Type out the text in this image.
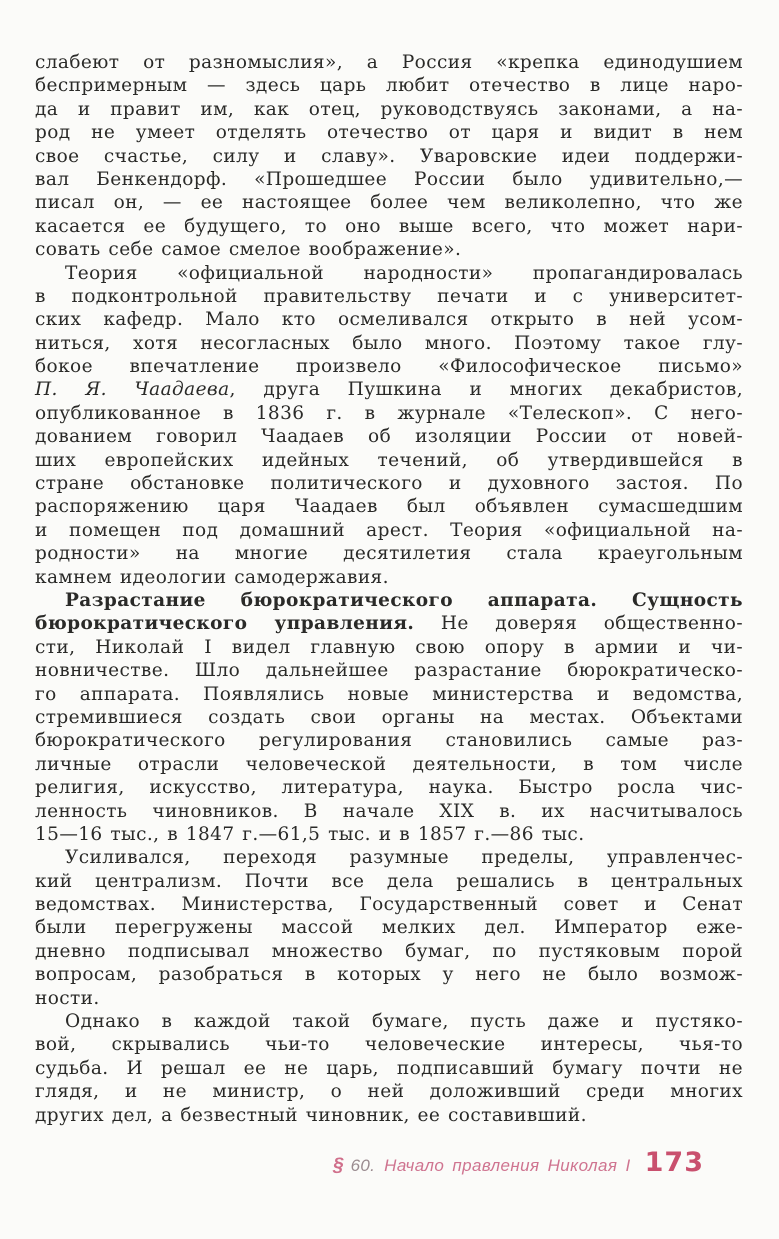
слабеют от разномыслия», а Россия «крепка единодушием
беспримерным — здесь царь любит отечество в лице наро-
да и правит им, как отец, руководствуясь законами, а на-
род не умеет отделять отечество от царя и видит в нем
свое счастье, силу и славу». Уваровские идеи поддержи-
вал Бенкендорф. «Прошедшее России было удивительно,—
писал он, — ее настоящее более чем великолепно, что же
касается ее будущего, то оно выше всего, что может нари-
совать себе самое смелое воображение».
Теория «официальной народности» пропагандировалась
в подконтрольной правительству печати и с университет-
ских кафедр. Мало кто осмеливался открыто в ней усом-
ниться, хотя несогласных было много. Поэтому такое глу-
бокое впечатление произвело «Философическое письмо»
П. Я. Чаадаева, друга Пушкина и многих декабристов,
опубликованное в 1836 г. в журнале «Телескоп». С него-
дованием говорил Чаадаев об изоляции России от новей-
ших европейских идейных течений, об утвердившейся в
стране обстановке политического и духовного застоя. По
распоряжению царя Чаадаев был объявлен сумасшедшим
и помещен под домашний арест. Теория «официальной на-
родности» на многие десятилетия стала краеугольным
камнем идеологии самодержавия.
Разрастание бюрократического аппарата. Сущность
бюрократического управления. Не доверяя общественно-
сти, Николай I видел главную свою опору в армии и чи-
новничестве. Шло дальнейшее разрастание бюрократическо-
го аппарата. Появлялись новые министерства и ведомства,
стремившиеся создать свои органы на местах. Объектами
бюрократического регулирования становились самые раз-
личные отрасли человеческой деятельности, в том числе
религия, искусство, литература, наука. Быстро росла чис-
ленность чиновников. В начале XIX в. их насчитывалось
15—16 тыс., в 1847 г.—61,5 тыс. и в 1857 г.—86 тыс.
Усиливался, переходя разумные пределы, управленчес-
кий централизм. Почти все дела решались в центральных
ведомствах. Министерства, Государственный совет и Сенат
были перегружены массой мелких дел. Император еже-
дневно подписывал множество бумаг, по пустяковым порой
вопросам, разобраться в которых у него не было возмож-
ности.
Однако в каждой такой бумаге, пусть даже и пустяко-
вой, скрывались чьи-то человеческие интересы, чья-то
судьба. И решал ее не царь, подписавший бумагу почти не
глядя, и не министр, о ней доложивший среди многих
других дел, а безвестный чиновник, ее составивший.
§ 60. Начало правления Николая I 173
